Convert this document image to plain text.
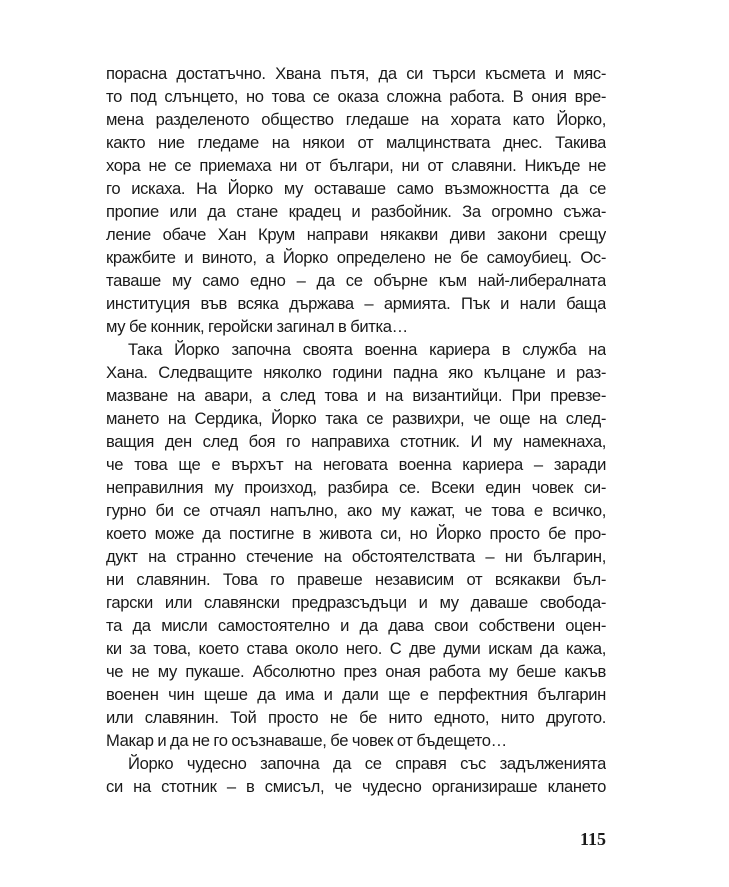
порасна достатъчно. Хвана пътя, да си търси късмета и мяс-
то под слънцето, но това се оказа сложна работа. В ония вре-
мена разделеното общество гледаше на хората като Йорко,
както ние гледаме на някои от малцинствата днес. Такива
хора не се приемаха ни от българи, ни от славяни. Никъде не
го искаха. На Йорко му оставаше само възможността да се
пропие или да стане крадец и разбойник. За огромно съжа-
ление обаче Хан Крум направи някакви диви закони срещу
кражбите и виното, а Йорко определено не бе самоубиец. Ос-
таваше му само едно – да се обърне към най-либералната
институция във всяка държава – армията. Пък и нали баща
му бе конник, геройски загинал в битка…
Така Йорко започна своята военна кариера в служба на
Хана. Следващите няколко години падна яко кълцане и раз-
мазване на авари, а след това и на византийци. При превзе-
мането на Сердика, Йорко така се развихри, че още на след-
ващия ден след боя го направиха стотник. И му намекнаха,
че това ще е върхът на неговата военна кариера – заради
неправилния му произход, разбира се. Всеки един човек си-
гурно би се отчаял напълно, ако му кажат, че това е всичко,
което може да постигне в живота си, но Йорко просто бе про-
дукт на странно стечение на обстоятелствата – ни българин,
ни славянин. Това го правеше независим от всякакви бъл-
гарски или славянски предразсъдъци и му даваше свобода-
та да мисли самостоятелно и да дава свои собствени оцен-
ки за това, което става около него. С две думи искам да кажа,
че не му пукаше. Абсолютно през оная работа му беше какъв
военен чин щеше да има и дали ще е перфектния българин
или славянин. Той просто не бе нито едното, нито другото.
Макар и да не го осъзнаваше, бе човек от бъдещето…
Йорко чудесно започна да се справя със задълженията
си на стотник – в смисъл, че чудесно организираше клането
115
